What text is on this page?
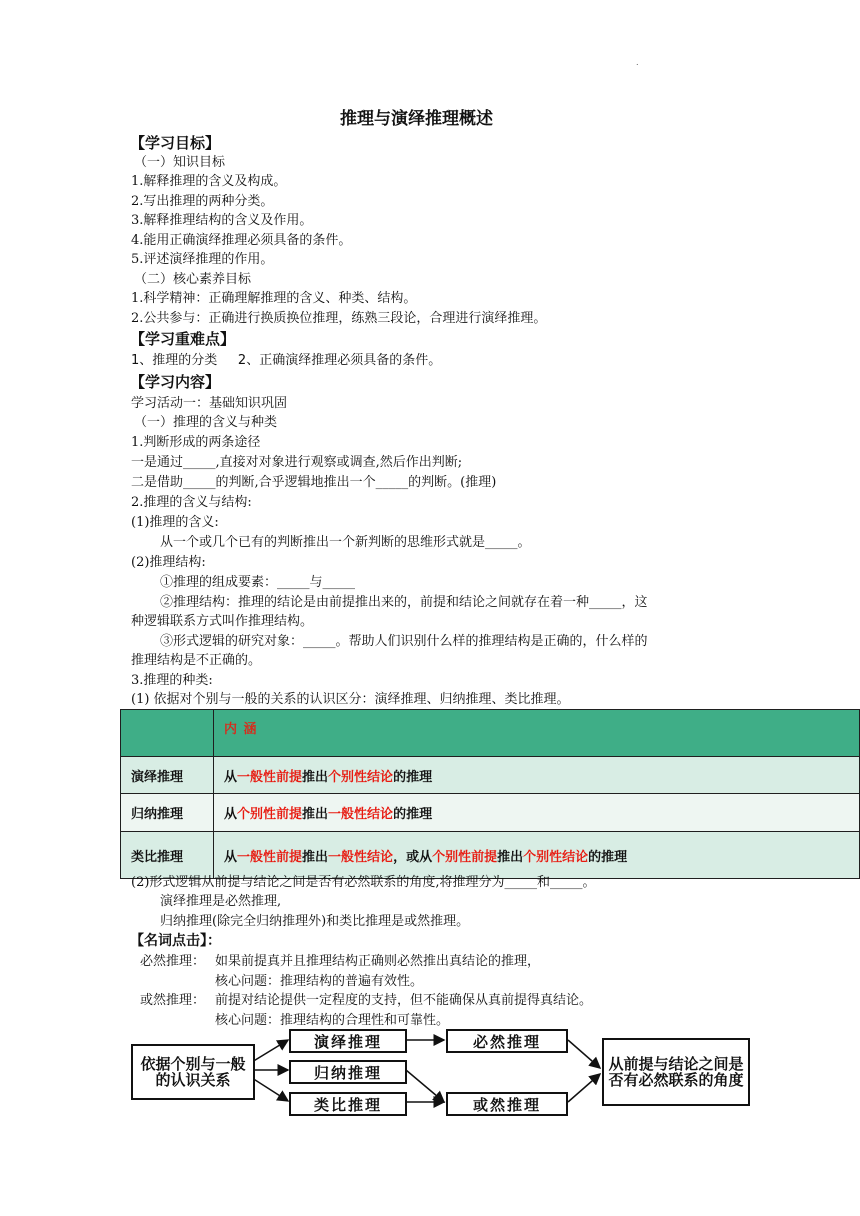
.
推理与演绎推理概述
【学习目标】
（一）知识目标
1.解释推理的含义及构成。
2.写出推理的两种分类。
3.解释推理结构的含义及作用。
4.能用正确演绎推理必须具备的条件。
5.评述演绎推理的作用。
（二）核心素养目标
1.科学精神：正确理解推理的含义、种类、结构。
2.公共参与：正确进行换质换位推理，练熟三段论，合理进行演绎推理。
【学习重难点】
1、推理的分类     2、正确演绎推理必须具备的条件。
【学习内容】
学习活动一：基础知识巩固
（一）推理的含义与种类
1.判断形成的两条途径
一是通过_____,直接对对象进行观察或调查,然后作出判断;
二是借助_____的判断,合乎逻辑地推出一个_____的判断。(推理)
2.推理的含义与结构:
(1)推理的含义:
从一个或几个已有的判断推出一个新判断的思维形式就是_____。
(2)推理结构:
①推理的组成要素：_____与_____
②推理结构：推理的结论是由前提推出来的，前提和结论之间就存在着一种_____，这
种逻辑联系方式叫作推理结构。
③形式逻辑的研究对象：_____。帮助人们识别什么样的推理结构是正确的，什么样的
推理结构是不正确的。
3.推理的种类:
(1) 依据对个别与一般的关系的认识区分：演绎推理、归纳推理、类比推理。
	内 涵
演绎推理	从一般性前提推出个别性结论的推理
归纳推理	从个别性前提推出一般性结论的推理
类比推理	从一般性前提推出一般性结论，或从个别性前提推出个别性结论的推理
(2)形式逻辑从前提与结论之间是否有必然联系的角度,将推理分为_____和_____。
演绎推理是必然推理,
归纳推理(除完全归纳推理外)和类比推理是或然推理。
【名词点击】：
必然推理： 如果前提真并且推理结构正确则必然推出真结论的推理，
核心问题：推理结构的普遍有效性。
或然推理： 前提对结论提供一定程度的支持，但不能确保从真前提得真结论。
核心问题：推理结构的合理性和可靠性。
依据个别与一般的认识关系
演绎推理
归纳推理
类比推理
必然推理
或然推理
从前提与结论之间是否有必然联系的角度
